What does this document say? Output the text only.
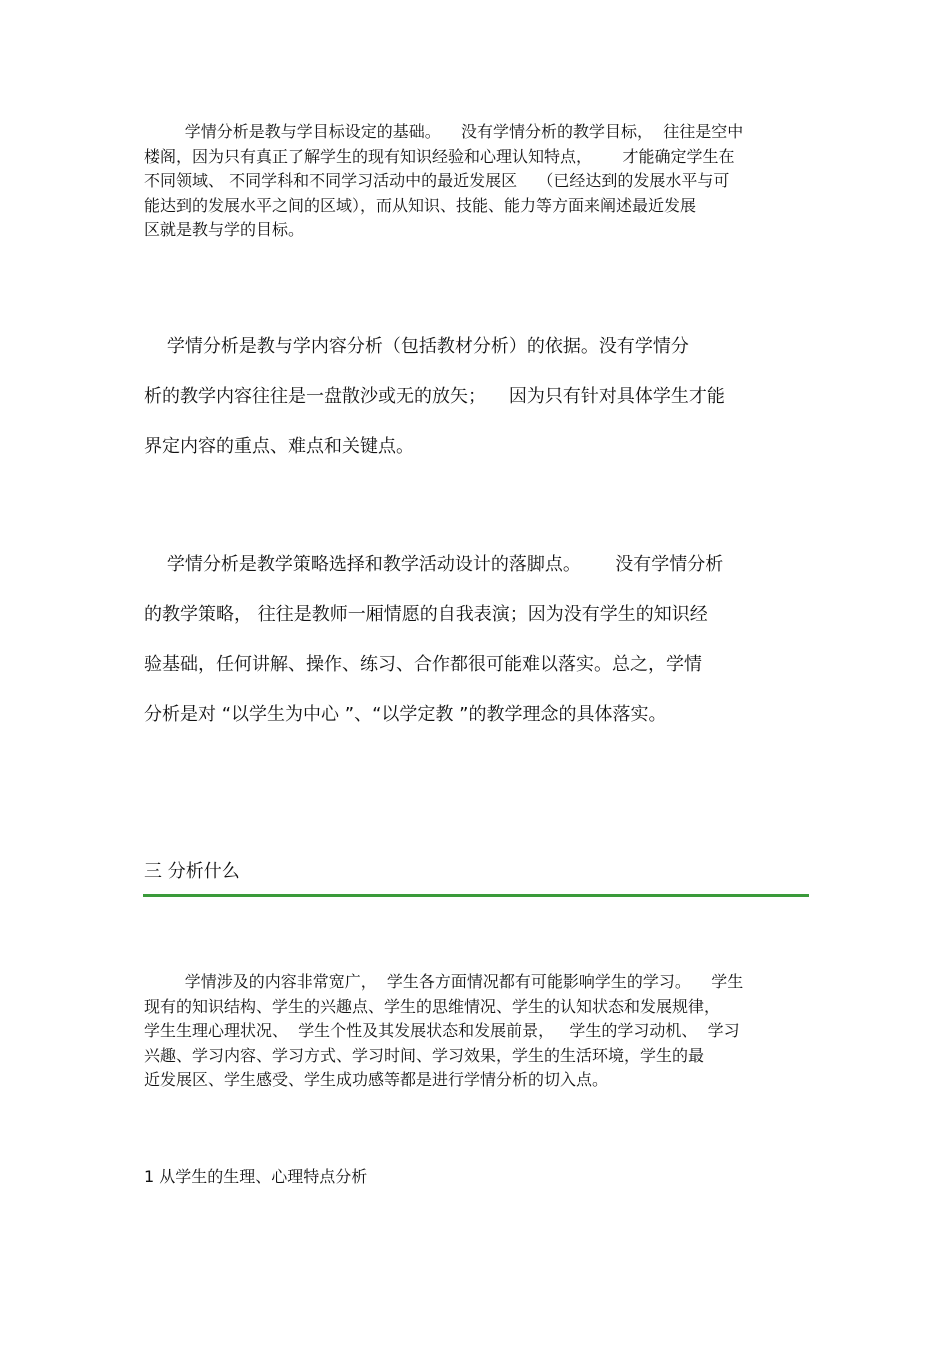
学情分析是教与学目标设定的基础。    没有学情分析的教学目标，  往往是空中
楼阁，因为只有真正了解学生的现有知识经验和心理认知特点，      才能确定学生在
不同领域、 不同学科和不同学习活动中的最近发展区    （已经达到的发展水平与可
能达到的发展水平之间的区域），而从知识、技能、能力等方面来阐述最近发展
区就是教与学的目标。
学情分析是教与学内容分析（包括教材分析）的依据。没有学情分
析的教学内容往往是一盘散沙或无的放矢；    因为只有针对具体学生才能
界定内容的重点、难点和关键点。
学情分析是教学策略选择和教学活动设计的落脚点。      没有学情分析
的教学策略， 往往是教师一厢情愿的自我表演；因为没有学生的知识经
验基础，任何讲解、操作、练习、合作都很可能难以落实。总之，学情
分析是对 “以学生为中心 ”、“以学定教 ”的教学理念的具体落实。
三 分析什么
学情涉及的内容非常宽广，  学生各方面情况都有可能影响学生的学习。    学生
现有的知识结构、学生的兴趣点、学生的思维情况、学生的认知状态和发展规律，
学生生理心理状况、  学生个性及其发展状态和发展前景，   学生的学习动机、  学习
兴趣、学习内容、学习方式、学习时间、学习效果，学生的生活环境，学生的最
近发展区、学生感受、学生成功感等都是进行学情分析的切入点。
1 从学生的生理、心理特点分析
